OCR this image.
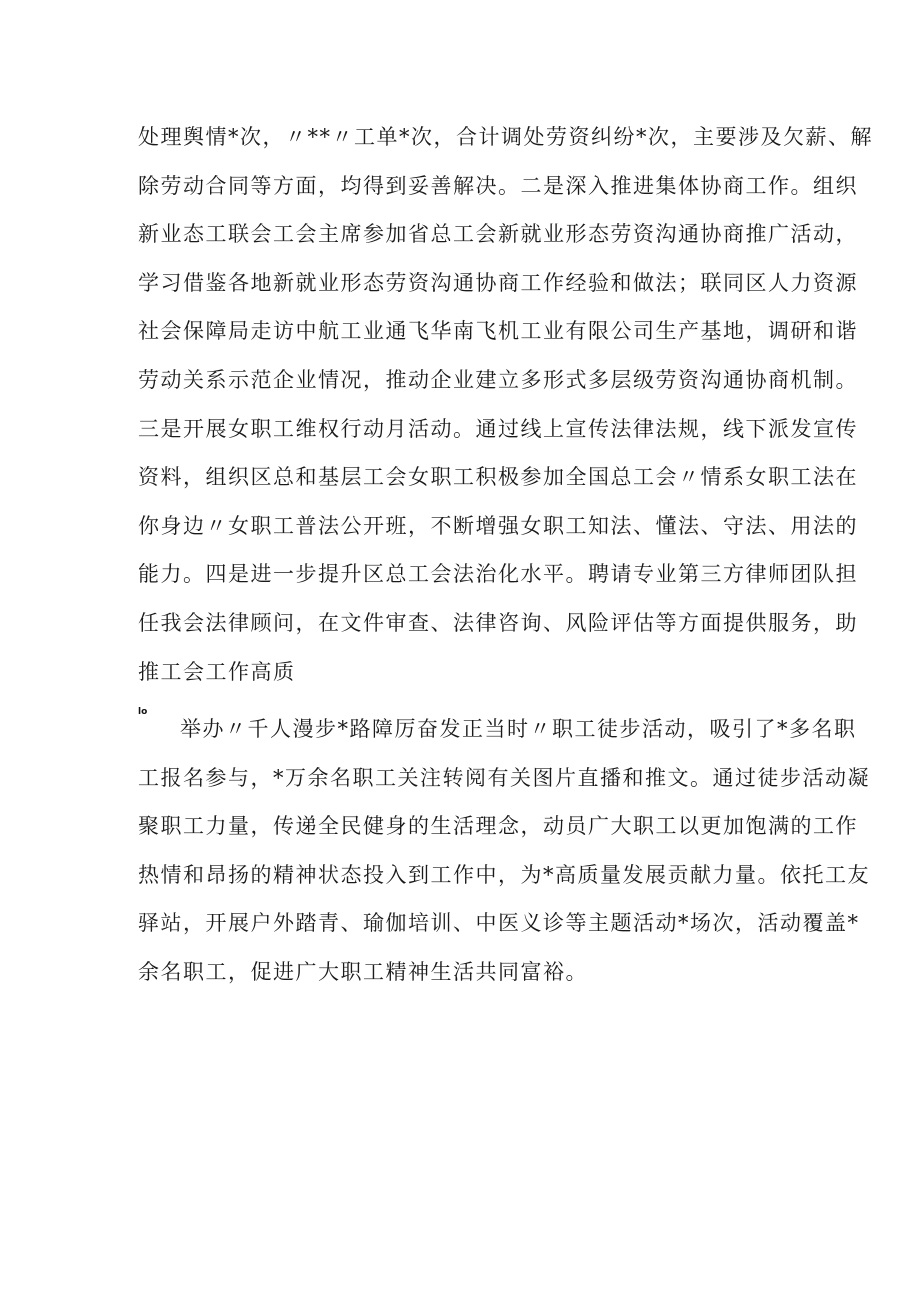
处理舆情*次，〃**〃工单*次，合计调处劳资纠纷*次，主要涉及欠薪、解
除劳动合同等方面，均得到妥善解决。二是深入推进集体协商工作。组织
新业态工联会工会主席参加省总工会新就业形态劳资沟通协商推广活动，
学习借鉴各地新就业形态劳资沟通协商工作经验和做法；联同区人力资源
社会保障局走访中航工业通飞华南飞机工业有限公司生产基地，调研和谐
劳动关系示范企业情况，推动企业建立多形式多层级劳资沟通协商机制。
三是开展女职工维权行动月活动。通过线上宣传法律法规，线下派发宣传
资料，组织区总和基层工会女职工积极参加全国总工会〃情系女职工法在
你身边〃女职工普法公开班，不断增强女职工知法、懂法、守法、用法的
能力。四是进一步提升区总工会法治化水平。聘请专业第三方律师团队担
任我会法律顾问，在文件审查、法律咨询、风险评估等方面提供服务，助
推工会工作高质
lo
举办〃千人漫步*路障厉奋发正当时〃职工徒步活动，吸引了*多名职
工报名参与，*万余名职工关注转阅有关图片直播和推文。通过徒步活动凝
聚职工力量，传递全民健身的生活理念，动员广大职工以更加饱满的工作
热情和昂扬的精神状态投入到工作中，为*高质量发展贡献力量。依托工友
驿站，开展户外踏青、瑜伽培训、中医义诊等主题活动*场次，活动覆盖*
余名职工，促进广大职工精神生活共同富裕。
